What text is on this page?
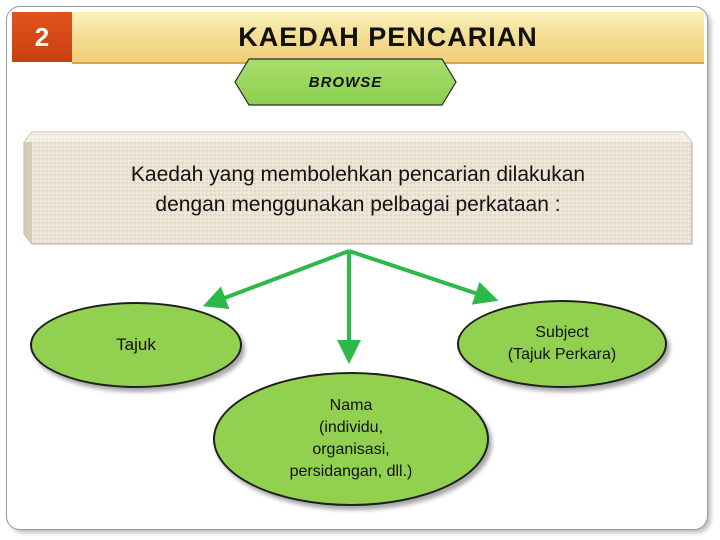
2	KAEDAH PENCARIAN
BROWSE
Kaedah yang membolehkan pencarian dilakukan
dengan menggunakan pelbagai perkataan :
Tajuk
Subject
(Tajuk Perkara)
Nama
(individu,
organisasi,
persidangan, dll.)
